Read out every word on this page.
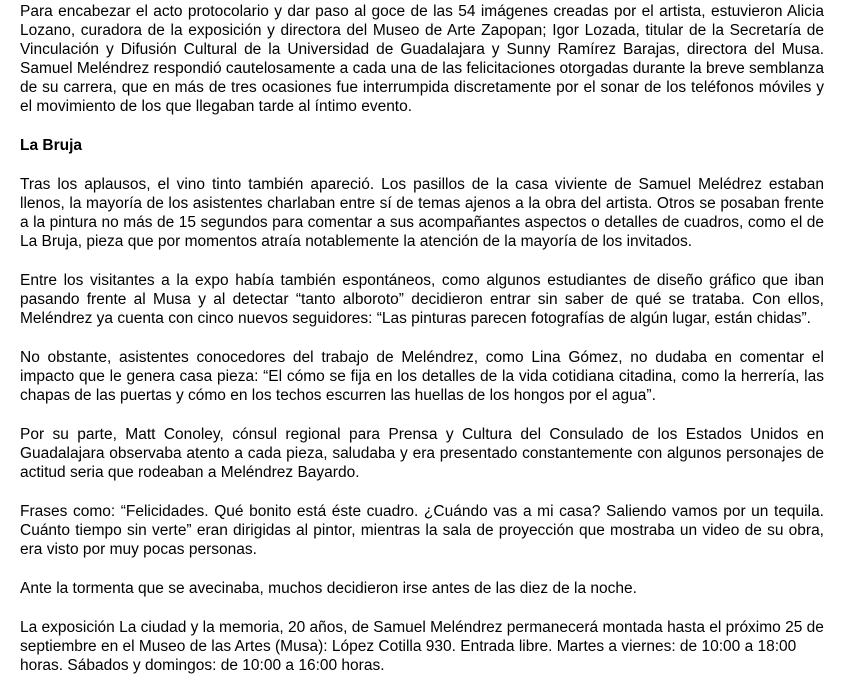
Para encabezar el acto protocolario y dar paso al goce de las 54 imágenes creadas por el artista, estuvieron Alicia Lozano, curadora de la exposición y directora del Museo de Arte Zapopan; Igor Lozada, titular de la Secretaría de Vinculación y Difusión Cultural de la Universidad de Guadalajara y Sunny Ramírez Barajas, directora del Musa. Samuel Meléndrez respondió cautelosamente a cada una de las felicitaciones otorgadas durante la breve semblanza de su carrera, que en más de tres ocasiones fue interrumpida discretamente por el sonar de los teléfonos móviles y el movimiento de los que llegaban tarde al íntimo evento.

La Bruja

Tras los aplausos, el vino tinto también apareció. Los pasillos de la casa viviente de Samuel Melédrez estaban llenos, la mayoría de los asistentes charlaban entre sí de temas ajenos a la obra del artista. Otros se posaban frente a la pintura no más de 15 segundos para comentar a sus acompañantes aspectos o detalles de cuadros, como el de La Bruja, pieza que por momentos atraía notablemente la atención de la mayoría de los invitados.

Entre los visitantes a la expo había también espontáneos, como algunos estudiantes de diseño gráfico que iban pasando frente al Musa y al detectar “tanto alboroto” decidieron entrar sin saber de qué se trataba. Con ellos, Meléndrez ya cuenta con cinco nuevos seguidores: “Las pinturas parecen fotografías de algún lugar, están chidas”.

No obstante, asistentes conocedores del trabajo de Meléndrez, como Lina Gómez, no dudaba en comentar el impacto que le genera casa pieza: “El cómo se fija en los detalles de la vida cotidiana citadina, como la herrería, las chapas de las puertas y cómo en los techos escurren las huellas de los hongos por el agua”.

Por su parte, Matt Conoley, cónsul regional para Prensa y Cultura del Consulado de los Estados Unidos en Guadalajara observaba atento a cada pieza, saludaba y era presentado constantemente con algunos personajes de actitud seria que rodeaban a Meléndrez Bayardo.

Frases como: “Felicidades. Qué bonito está éste cuadro. ¿Cuándo vas a mi casa? Saliendo vamos por un tequila. Cuánto tiempo sin verte” eran dirigidas al pintor, mientras la sala de proyección que mostraba un video de su obra, era visto por muy pocas personas.

Ante la tormenta que se avecinaba, muchos decidieron irse antes de las diez de la noche.

La exposición La ciudad y la memoria, 20 años, de Samuel Meléndrez permanecerá montada hasta el próximo 25 de septiembre en el Museo de las Artes (Musa): López Cotilla 930. Entrada libre. Martes a viernes: de 10:00 a 18:00 horas. Sábados y domingos: de 10:00 a 16:00 horas.
